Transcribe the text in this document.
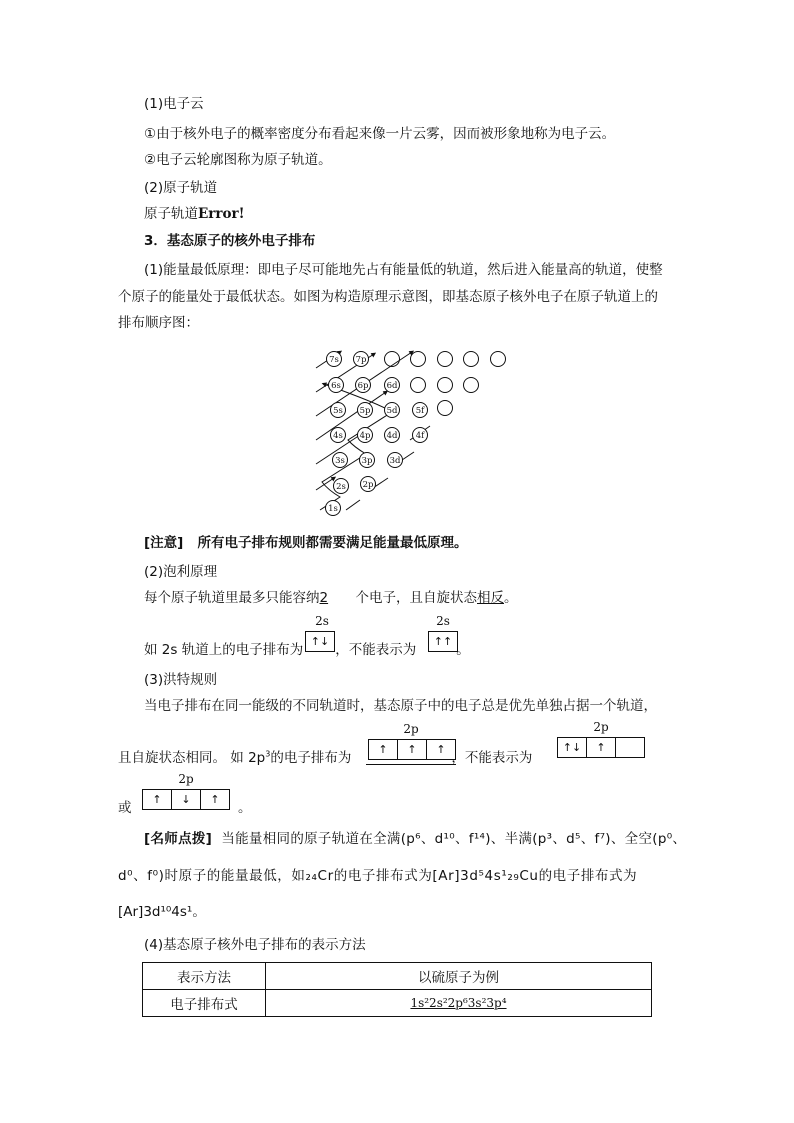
(1)电子云
①由于核外电子的概率密度分布看起来像一片云雾，因而被形象地称为电子云。
②电子云轮廓图称为原子轨道。
(2)原子轨道
原子轨道Error!
3．基态原子的核外电子排布
(1)能量最低原理：即电子尽可能地先占有能量低的轨道，然后进入能量高的轨道，使整
个原子的能量处于最低状态。如图为构造原理示意图，即基态原子核外电子在原子轨道上的
排布顺序图：
7s 7p
6s 6p 6d
5s 5p 5d 5f
4s 4p 4d 4f
3s 3p 3d
2s 2p
1s
[注意] 所有电子排布规则都需要满足能量最低原理。
(2)泡利原理
每个原子轨道里最多只能容纳2 个电子，且自旋状态相反。
如 2s 轨道上的电子排布为 ，不能表示为	。
2s
↑ ↓
2s
↑ ↑
(3)洪特规则
当电子排布在同一能级的不同轨道时，基态原子中的电子总是优先单独占据一个轨道，
且自旋状态相同。 如 $2p^3$的电子排布为	，不能表示为
2p
↑ ↑ ↑
2p
↑ ↓ ↑
或
2p
↑ ↓ ↑
。
[名师点拨] 当能量相同的原子轨道在全满(p⁶、d¹⁰、f¹⁴)、半满(p³、d⁵、f⁷)、全空(p⁰、
d⁰、f⁰)时原子的能量最低，如₂₄Cr的电子排布式为[Ar]3d⁵4s¹₂₉Cu的电子排布式为
[Ar]3d¹⁰4s¹。
(4)基态原子核外电子排布的表示方法
表示方法	以硫原子为例
电子排布式	1s²2s²2p⁶3s²3p⁴
